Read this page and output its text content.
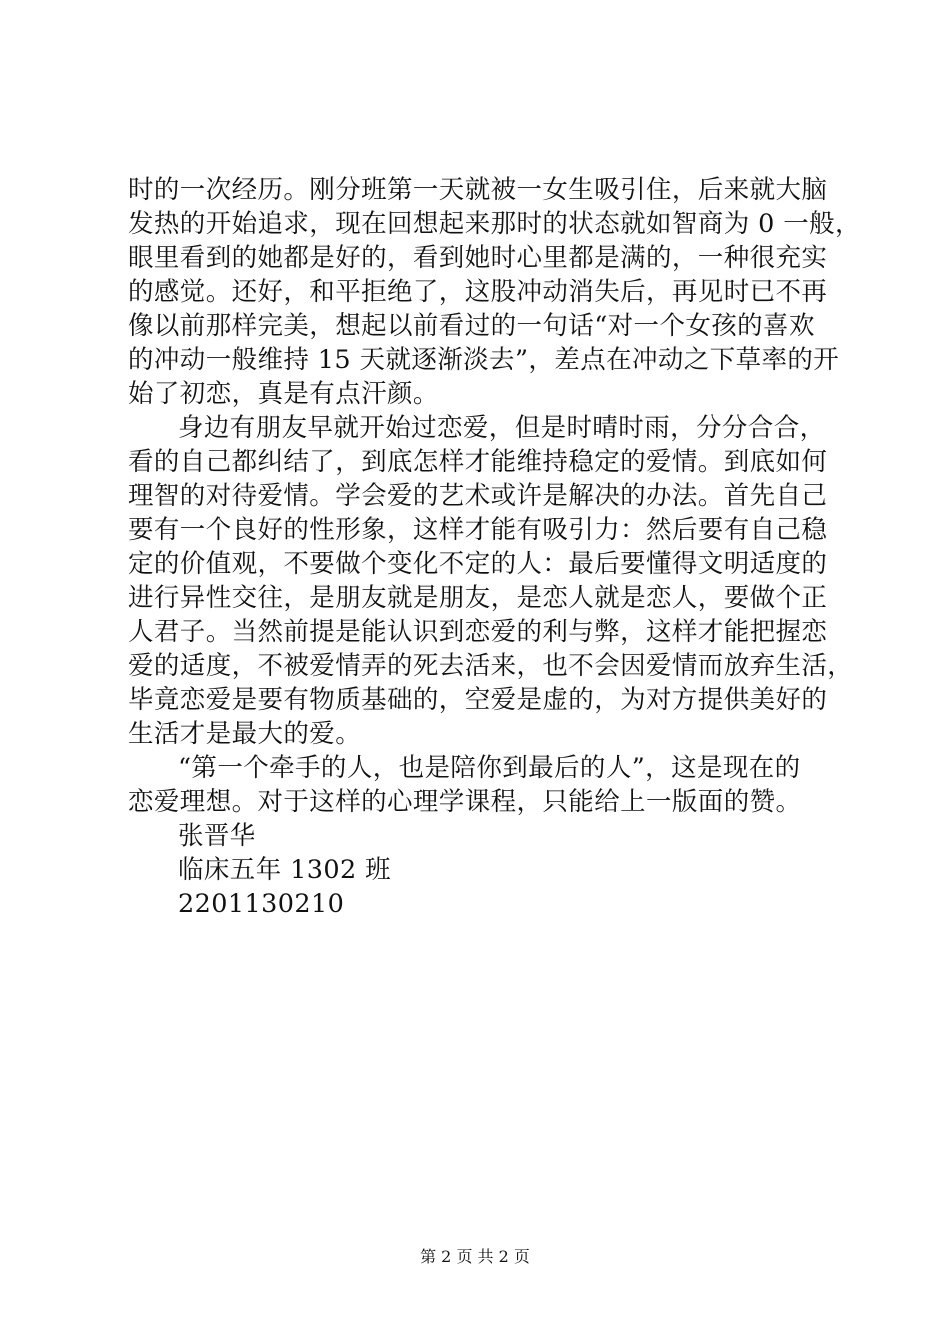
时的一次经历。刚分班第一天就被一女生吸引住，后来就大脑
发热的开始追求，现在回想起来那时的状态就如智商为 0 一般，
眼里看到的她都是好的，看到她时心里都是满的，一种很充实
的感觉。还好，和平拒绝了，这股冲动消失后，再见时已不再
像以前那样完美，想起以前看过的一句话“对一个女孩的喜欢
的冲动一般维持 15 天就逐渐淡去”，差点在冲动之下草率的开
始了初恋，真是有点汗颜。
身边有朋友早就开始过恋爱，但是时晴时雨，分分合合，
看的自己都纠结了，到底怎样才能维持稳定的爱情。到底如何
理智的对待爱情。学会爱的艺术或许是解决的办法。首先自己
要有一个良好的性形象，这样才能有吸引力：然后要有自己稳
定的价值观，不要做个变化不定的人：最后要懂得文明适度的
进行异性交往，是朋友就是朋友，是恋人就是恋人，要做个正
人君子。当然前提是能认识到恋爱的利与弊，这样才能把握恋
爱的适度，不被爱情弄的死去活来，也不会因爱情而放弃生活，
毕竟恋爱是要有物质基础的，空爱是虚的，为对方提供美好的
生活才是最大的爱。
“第一个牵手的人，也是陪你到最后的人”，这是现在的
恋爱理想。对于这样的心理学课程，只能给上一版面的赞。
张晋华
临床五年 1302 班
2201130210
第 2 页 共 2 页
